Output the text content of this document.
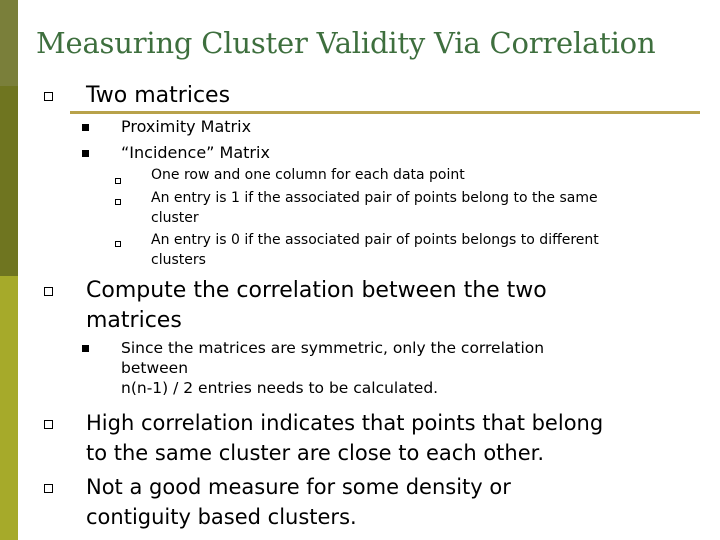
Measuring Cluster Validity Via Correlation
Two matrices
Proximity Matrix
“Incidence” Matrix
One row and one column for each data point
An entry is 1 if the associated pair of points belong to the same
cluster
An entry is 0 if the associated pair of points belongs to different
clusters
Compute the correlation between the two
matrices
Since the matrices are symmetric, only the correlation
between
n(n-1) / 2 entries needs to be calculated.
High correlation indicates that points that belong
to the same cluster are close to each other.
Not a good measure for some density or
contiguity based clusters.
